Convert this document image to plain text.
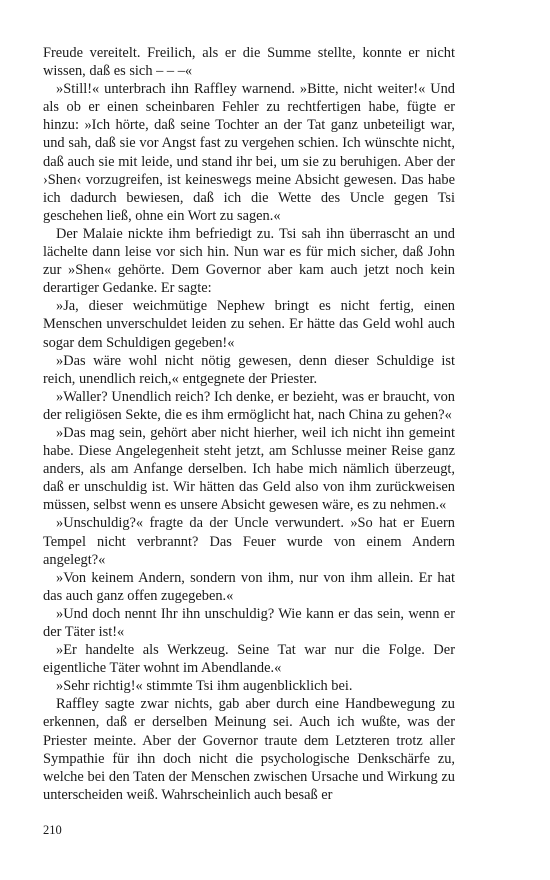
Freude vereitelt. Freilich, als er die Summe stellte, konnte er nicht wissen, daß es sich – – –«

»Still!« unterbrach ihn Raffley warnend. »Bitte, nicht weiter!« Und als ob er einen scheinbaren Fehler zu rechtfertigen habe, fügte er hinzu: »Ich hörte, daß seine Tochter an der Tat ganz unbeteiligt war, und sah, daß sie vor Angst fast zu vergehen schien. Ich wünschte nicht, daß auch sie mit leide, und stand ihr bei, um sie zu beruhigen. Aber der ›Shen‹ vorzugreifen, ist keineswegs meine Absicht gewesen. Das habe ich dadurch bewiesen, daß ich die Wette des Uncle gegen Tsi geschehen ließ, ohne ein Wort zu sagen.«

Der Malaie nickte ihm befriedigt zu. Tsi sah ihn überrascht an und lächelte dann leise vor sich hin. Nun war es für mich sicher, daß John zur »Shen« gehörte. Dem Governor aber kam auch jetzt noch kein derartiger Gedanke. Er sagte:

»Ja, dieser weichmütige Nephew bringt es nicht fertig, einen Menschen unverschuldet leiden zu sehen. Er hätte das Geld wohl auch sogar dem Schuldigen gegeben!«

»Das wäre wohl nicht nötig gewesen, denn dieser Schuldige ist reich, unendlich reich,« entgegnete der Priester.

»Waller? Unendlich reich? Ich denke, er bezieht, was er braucht, von der religiösen Sekte, die es ihm ermöglicht hat, nach China zu gehen?«

»Das mag sein, gehört aber nicht hierher, weil ich nicht ihn gemeint habe. Diese Angelegenheit steht jetzt, am Schlusse meiner Reise ganz anders, als am Anfange derselben. Ich habe mich nämlich überzeugt, daß er unschuldig ist. Wir hätten das Geld also von ihm zurückweisen müssen, selbst wenn es unsere Absicht gewesen wäre, es zu nehmen.«

»Unschuldig?« fragte da der Uncle verwundert. »So hat er Euern Tempel nicht verbrannt? Das Feuer wurde von einem Andern angelegt?«

»Von keinem Andern, sondern von ihm, nur von ihm allein. Er hat das auch ganz offen zugegeben.«

»Und doch nennt Ihr ihn unschuldig? Wie kann er das sein, wenn er der Täter ist!«

»Er handelte als Werkzeug. Seine Tat war nur die Folge. Der eigentliche Täter wohnt im Abendlande.«

»Sehr richtig!« stimmte Tsi ihm augenblicklich bei.

Raffley sagte zwar nichts, gab aber durch eine Handbewegung zu erkennen, daß er derselben Meinung sei. Auch ich wußte, was der Priester meinte. Aber der Governor traute dem Letzteren trotz aller Sympathie für ihn doch nicht die psychologische Denkschärfe zu, welche bei den Taten der Menschen zwischen Ursache und Wirkung zu unterscheiden weiß. Wahrscheinlich auch besaß er

210
